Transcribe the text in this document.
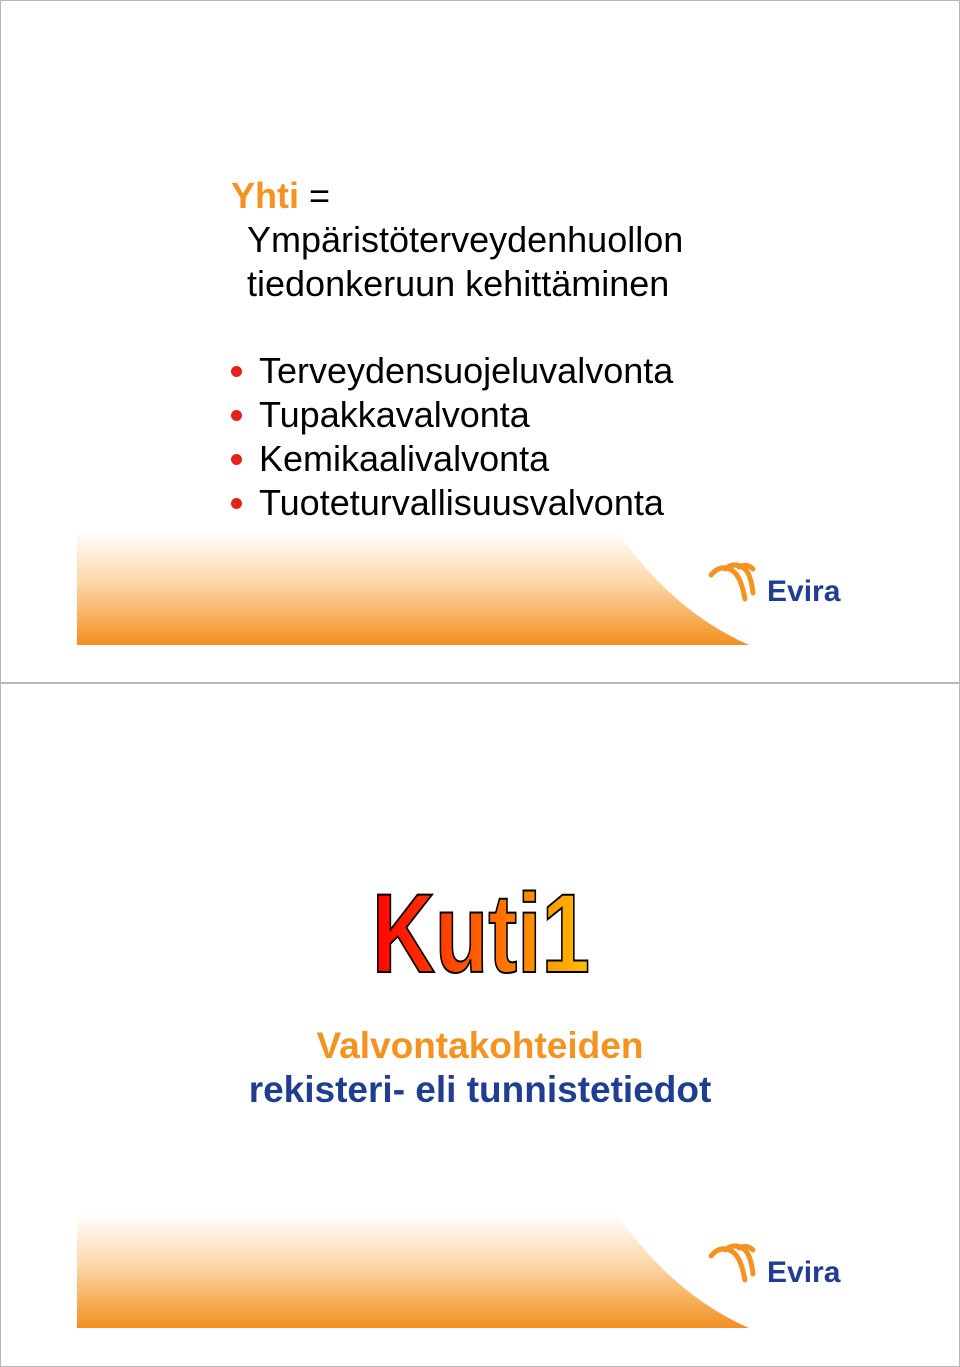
Yhti =
Ympäristöterveydenhuollon
tiedonkeruun kehittäminen
Terveydensuojeluvalvonta
Tupakkavalvonta
Kemikaalivalvonta
Tuoteturvallisuusvalvonta
Evira
Kuti1
Valvontakohteiden
rekisteri- eli tunnistetiedot
Evira
